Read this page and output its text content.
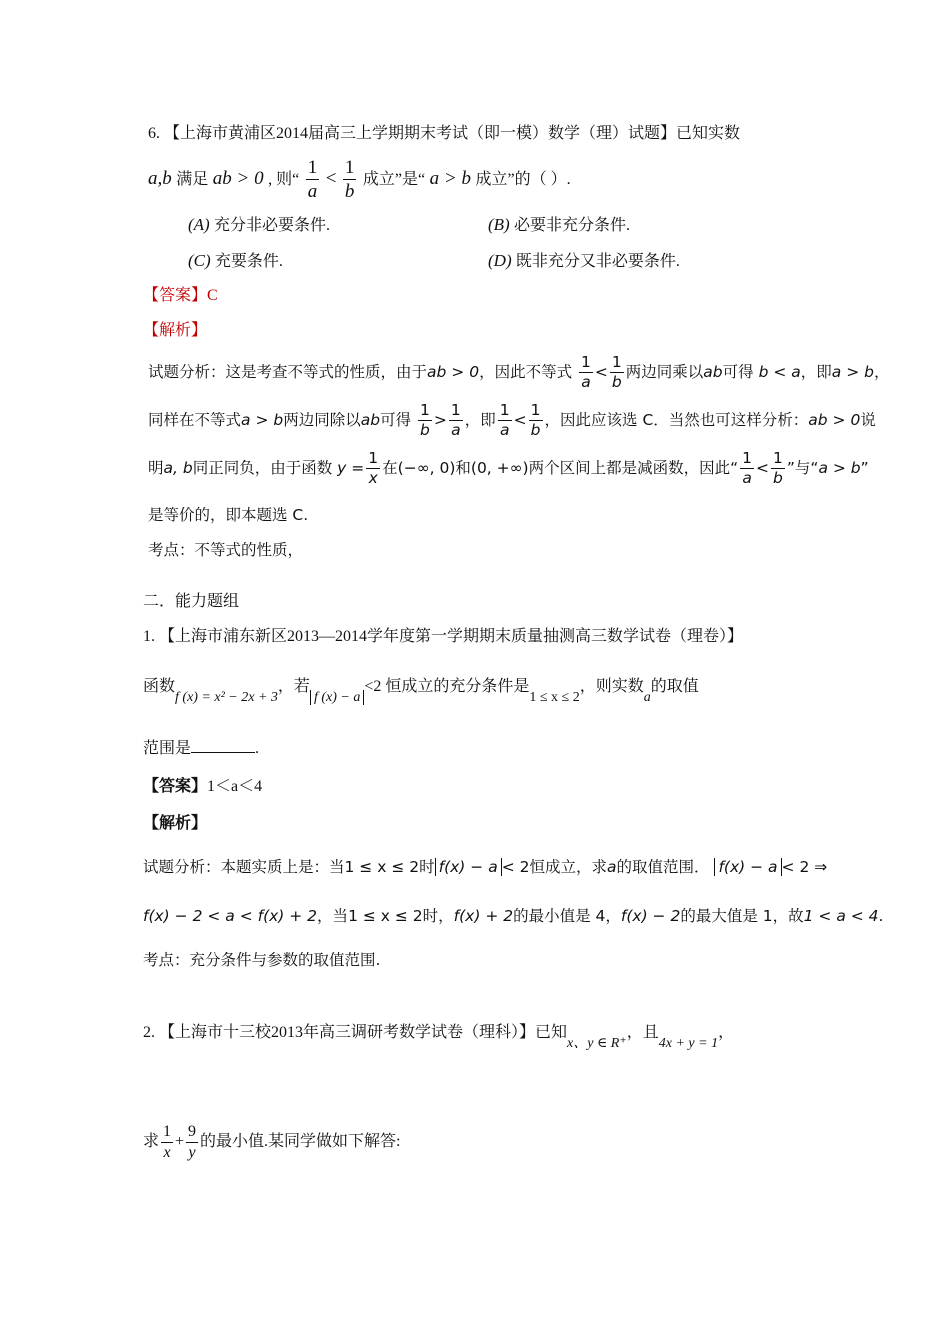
6. 【上海市黄浦区2014届高三上学期期末考试（即一模）数学（理）试题】已知实数
a,b 满足 ab > 0 , 则“ $\frac{1}{a} < \frac{1}{b}$ 成立”是“ a > b 成立”的（ ）.
(A) 充分非必要条件.	(B) 必要非充分条件.
(C) 充要条件.	(D) 既非充分又非必要条件.
【答案】C
【解析】
试题分析：这是考查不等式的性质，由于ab > 0，因此不等式 $\frac{1}{a} < \frac{1}{b}$ 两边同乘以ab可得 b < a，即a > b，
同样在不等式a > b两边同除以ab可得 $\frac{1}{b} > \frac{1}{a}$ ，即 $\frac{1}{a} < \frac{1}{b}$ ，因此应该选 C．当然也可这样分析：ab > 0说
明a, b同正同负，由于函数 $y = \frac{1}{x}$ 在(−∞, 0)和(0, +∞)两个区间上都是减函数，因此“ $\frac{1}{a} < \frac{1}{b}$ ”与“a > b”
是等价的，即本题选 C.
考点：不等式的性质，
二．能力题组
1. 【上海市浦东新区2013—2014学年度第一学期期末质量抽测高三数学试卷（理卷）】
函数f (x) = x² − 2x + 3，若f (x) − a<2 恒成立的充分条件是1 ≤ x ≤ 2，则实数a的取值
范围是	.
【答案】1＜a＜4
【解析】
试题分析：本题实质上是：当1 ≤ x ≤ 2时 f(x) − a < 2恒成立，求a的取值范围． f(x) − a < 2 ⇒
f(x) − 2 < a < f(x) + 2，当1 ≤ x ≤ 2时，f(x) + 2的最小值是 4，f(x) − 2的最大值是 1，故1 < a < 4.
考点：充分条件与参数的取值范围.
2. 【上海市十三校2013年高三调研考数学试卷（理科）】已知x、y ∈ R⁺，且4x + y = 1，
求 $\frac{1}{x} + \frac{9}{y}$ 的最小值.某同学做如下解答:
